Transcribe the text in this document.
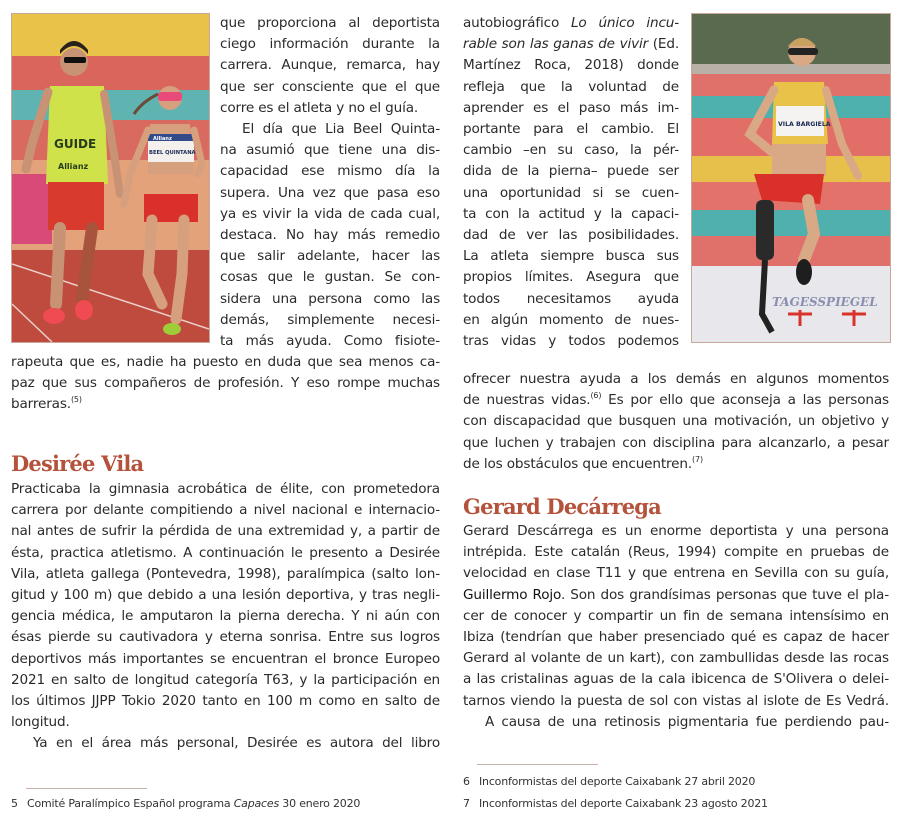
GUIDE
Allianz
Allianz
BEEL QUINTANA
TAGESSPIEGEL
VILA BARGIELA
que proporciona al deportista
ciego información durante la
carrera. Aunque, remarca, hay
que ser consciente que el que
corre es el atleta y no el guía.
El día que Lia Beel Quinta-
na asumió que tiene una dis-
capacidad ese mismo día la
supera. Una vez que pasa eso
ya es vivir la vida de cada cual,
destaca. No hay más remedio
que salir adelante, hacer las
cosas que le gustan. Se con-
sidera una persona como las
demás, simplemente necesi-
ta más ayuda. Como fisiote-
rapeuta que es, nadie ha puesto en duda que sea menos ca-
paz que sus compañeros de profesión. Y eso rompe muchas
barreras.$^{(5)}$
Desirée Vila
Practicaba la gimnasia acrobática de élite, con prometedora
carrera por delante compitiendo a nivel nacional e internacio-
nal antes de sufrir la pérdida de una extremidad y, a partir de
ésta, practica atletismo. A continuación le presento a Desirée
Vila, atleta gallega (Pontevedra, 1998), paralímpica (salto lon-
gitud y 100 m) que debido a una lesión deportiva, y tras negli-
gencia médica, le amputaron la pierna derecha. Y ni aún con
ésas pierde su cautivadora y eterna sonrisa. Entre sus logros
deportivos más importantes se encuentran el bronce Europeo
2021 en salto de longitud categoría T63, y la participación en
los últimos JJPP Tokio 2020 tanto en 100 m como en salto de
longitud.
Ya en el área más personal, Desirée es autora del libro
5 Comité Paralímpico Español programa Capaces 30 enero 2020
autobiográfico Lo único incu-
rable son las ganas de vivir (Ed.
Martínez Roca, 2018) donde
refleja que la voluntad de
aprender es el paso más im-
portante para el cambio. El
cambio –en su caso, la pér-
dida de la pierna– puede ser
una oportunidad si se cuen-
ta con la actitud y la capaci-
dad de ver las posibilidades.
La atleta siempre busca sus
propios límites. Asegura que
todos necesitamos ayuda
en algún momento de nues-
tras vidas y todos podemos
ofrecer nuestra ayuda a los demás en algunos momentos
de nuestras vidas.$^{(6)}$ Es por ello que aconseja a las personas
con discapacidad que busquen una motivación, un objetivo y
que luchen y trabajen con disciplina para alcanzarlo, a pesar
de los obstáculos que encuentren.$^{(7)}$
Gerard Decárrega
Gerard Descárrega es un enorme deportista y una persona
intrépida. Este catalán (Reus, 1994) compite en pruebas de
velocidad en clase T11 y que entrena en Sevilla con su guía,
Guillermo Rojo. Son dos grandísimas personas que tuve el pla-
cer de conocer y compartir un fin de semana intensísimo en
Ibiza (tendrían que haber presenciado qué es capaz de hacer
Gerard al volante de un kart), con zambullidas desde las rocas
a las cristalinas aguas de la cala ibicenca de S'Olivera o delei-
tarnos viendo la puesta de sol con vistas al islote de Es Vedrá.
A causa de una retinosis pigmentaria fue perdiendo pau-
6 Inconformistas del deporte Caixabank 27 abril 2020
7 Inconformistas del deporte Caixabank 23 agosto 2021
